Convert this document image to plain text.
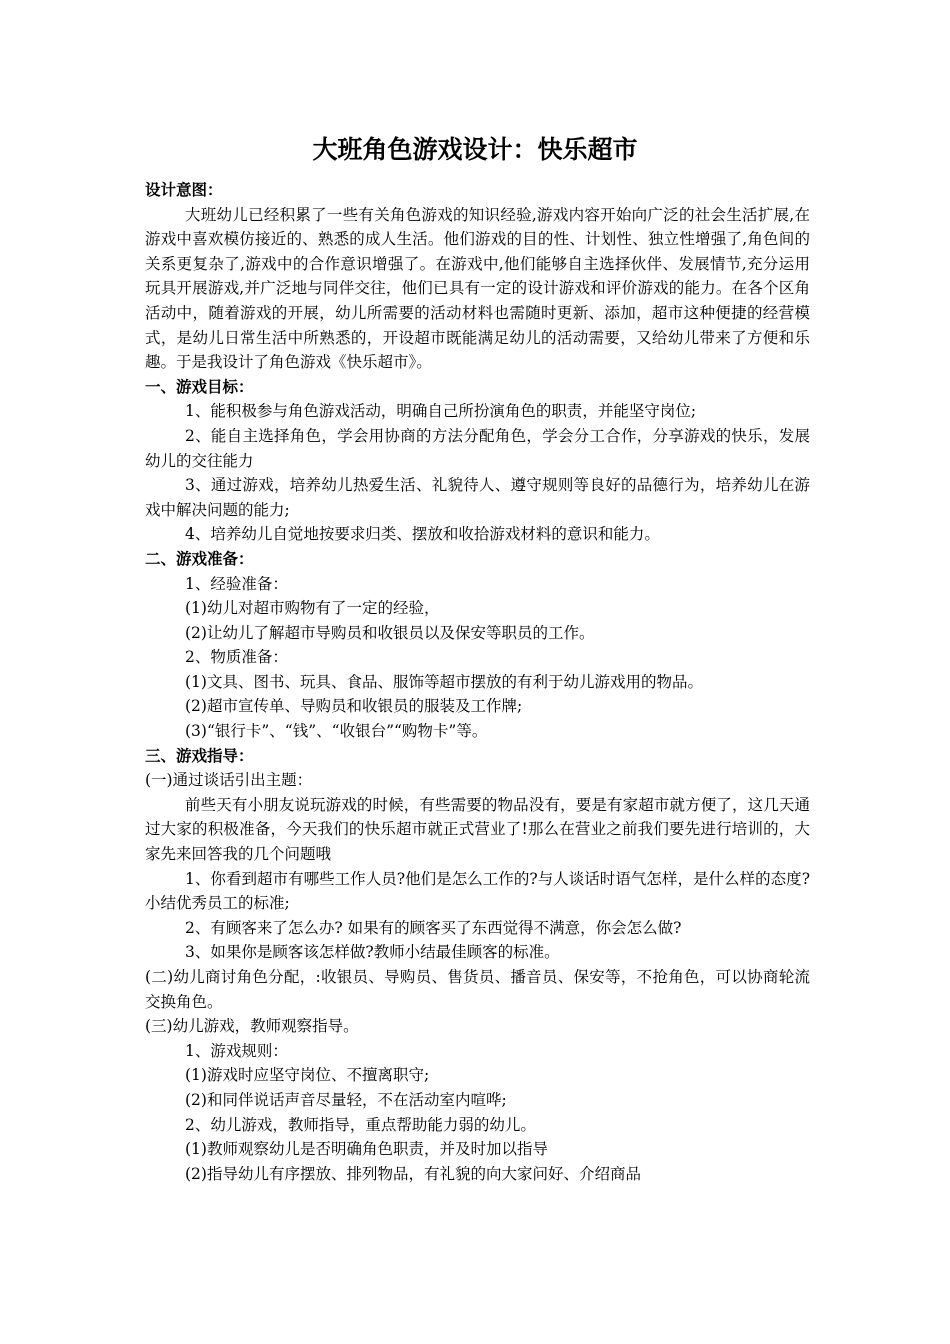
大班角色游戏设计：快乐超市

设计意图：

大班幼儿已经积累了一些有关角色游戏的知识经验,游戏内容开始向广泛的社会生活扩展,在游戏中喜欢模仿接近的、熟悉的成人生活。他们游戏的目的性、计划性、独立性增强了,角色间的关系更复杂了,游戏中的合作意识增强了。在游戏中,他们能够自主选择伙伴、发展情节,充分运用玩具开展游戏,并广泛地与同伴交往，他们已具有一定的设计游戏和评价游戏的能力。在各个区角活动中，随着游戏的开展，幼儿所需要的活动材料也需随时更新、添加，超市这种便捷的经营模式，是幼儿日常生活中所熟悉的，开设超市既能满足幼儿的活动需要，又给幼儿带来了方便和乐趣。于是我设计了角色游戏《快乐超市》。

一、游戏目标：

1、能积极参与角色游戏活动，明确自己所扮演角色的职责，并能坚守岗位;

2、能自主选择角色，学会用协商的方法分配角色，学会分工合作，分享游戏的快乐，发展幼儿的交往能力

3、通过游戏，培养幼儿热爱生活、礼貌待人、遵守规则等良好的品德行为，培养幼儿在游戏中解决问题的能力;

4、培养幼儿自觉地按要求归类、摆放和收拾游戏材料的意识和能力。

二、游戏准备：

1、经验准备：

(1)幼儿对超市购物有了一定的经验，

(2)让幼儿了解超市导购员和收银员以及保安等职员的工作。

2、物质准备：

(1)文具、图书、玩具、食品、服饰等超市摆放的有利于幼儿游戏用的物品。

(2)超市宣传单、导购员和收银员的服装及工作牌;

(3)“银行卡”、“钱”、“收银台”“购物卡”等。

三、游戏指导：

(一)通过谈话引出主题：

前些天有小朋友说玩游戏的时候，有些需要的物品没有，要是有家超市就方便了，这几天通过大家的积极准备，今天我们的快乐超市就正式营业了!那么在营业之前我们要先进行培训的，大家先来回答我的几个问题哦

1、你看到超市有哪些工作人员?他们是怎么工作的?与人谈话时语气怎样，是什么样的态度?小结优秀员工的标准;

2、有顾客来了怎么办? 如果有的顾客买了东西觉得不满意，你会怎么做?

3、如果你是顾客该怎样做?教师小结最佳顾客的标准。

(二)幼儿商讨角色分配，:收银员、导购员、售货员、播音员、保安等，不抢角色，可以协商轮流交换角色。

(三)幼儿游戏，教师观察指导。

1、游戏规则：

(1)游戏时应坚守岗位、不擅离职守;

(2)和同伴说话声音尽量轻，不在活动室内喧哗;

2、幼儿游戏，教师指导，重点帮助能力弱的幼儿。

(1)教师观察幼儿是否明确角色职责，并及时加以指导

(2)指导幼儿有序摆放、排列物品，有礼貌的向大家问好、介绍商品
